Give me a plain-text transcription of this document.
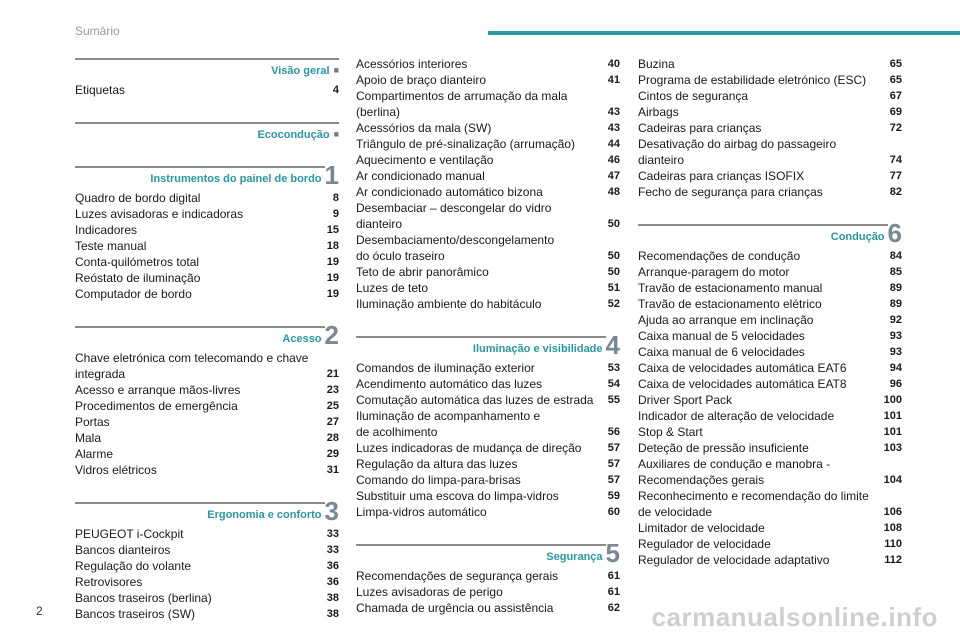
Sumário
Visão geral ■
Etiquetas	4
Ecocondução ■
Instrumentos do painel de bordo 1
Quadro de bordo digital	8
Luzes avisadoras e indicadoras	9
Indicadores	15
Teste manual	18
Conta-quilómetros total	19
Reóstato de iluminação	19
Computador de bordo	19
Acesso 2
Chave eletrónica com telecomando e chave
integrada	21
Acesso e arranque mãos-livres	23
Procedimentos de emergência	25
Portas	27
Mala	28
Alarme	29
Vidros elétricos	31
Ergonomia e conforto 3
PEUGEOT i-Cockpit	33
Bancos dianteiros	33
Regulação do volante	36
Retrovisores	36
Bancos traseiros (berlina)	38
Bancos traseiros (SW)	38
Acessórios interiores	40
Apoio de braço dianteiro	41
Compartimentos de arrumação da mala
(berlina)	43
Acessórios da mala (SW)	43
Triângulo de pré-sinalização (arrumação)	44
Aquecimento e ventilação	46
Ar condicionado manual	47
Ar condicionado automático bizona	48
Desembaciar – descongelar do vidro dianteiro	50
Desembaciamento/descongelamento
do óculo traseiro	50
Teto de abrir panorâmico	50
Luzes de teto	51
Iluminação ambiente do habitáculo	52
Iluminação e visibilidade 4
Comandos de iluminação exterior	53
Acendimento automático das luzes	54
Comutação automática das luzes de estrada	55
Iluminação de acompanhamento e
de acolhimento	56
Luzes indicadoras de mudança de direção	57
Regulação da altura das luzes	57
Comando do limpa-para-brisas	57
Substituir uma escova do limpa-vidros	59
Limpa-vidros automático	60
Segurança 5
Recomendações de segurança gerais	61
Luzes avisadoras de perigo	61
Chamada de urgência ou assistência	62
Buzina	65
Programa de estabilidade eletrónico (ESC)	65
Cintos de segurança	67
Airbags	69
Cadeiras para crianças	72
Desativação do airbag do passageiro
dianteiro	74
Cadeiras para crianças ISOFIX	77
Fecho de segurança para crianças	82
Condução 6
Recomendações de condução	84
Arranque-paragem do motor	85
Travão de estacionamento manual	89
Travão de estacionamento elétrico	89
Ajuda ao arranque em inclinação	92
Caixa manual de 5 velocidades	93
Caixa manual de 6 velocidades	93
Caixa de velocidades automática EAT6	94
Caixa de velocidades automática EAT8	96
Driver Sport Pack	100
Indicador de alteração de velocidade	101
Stop & Start	101
Deteção de pressão insuficiente	103
Auxiliares de condução e manobra -
Recomendações gerais	104
Reconhecimento e recomendação do limite
de velocidade	106
Limitador de velocidade	108
Regulador de velocidade	110
Regulador de velocidade adaptativo	112
2	carmanualsonline.info
